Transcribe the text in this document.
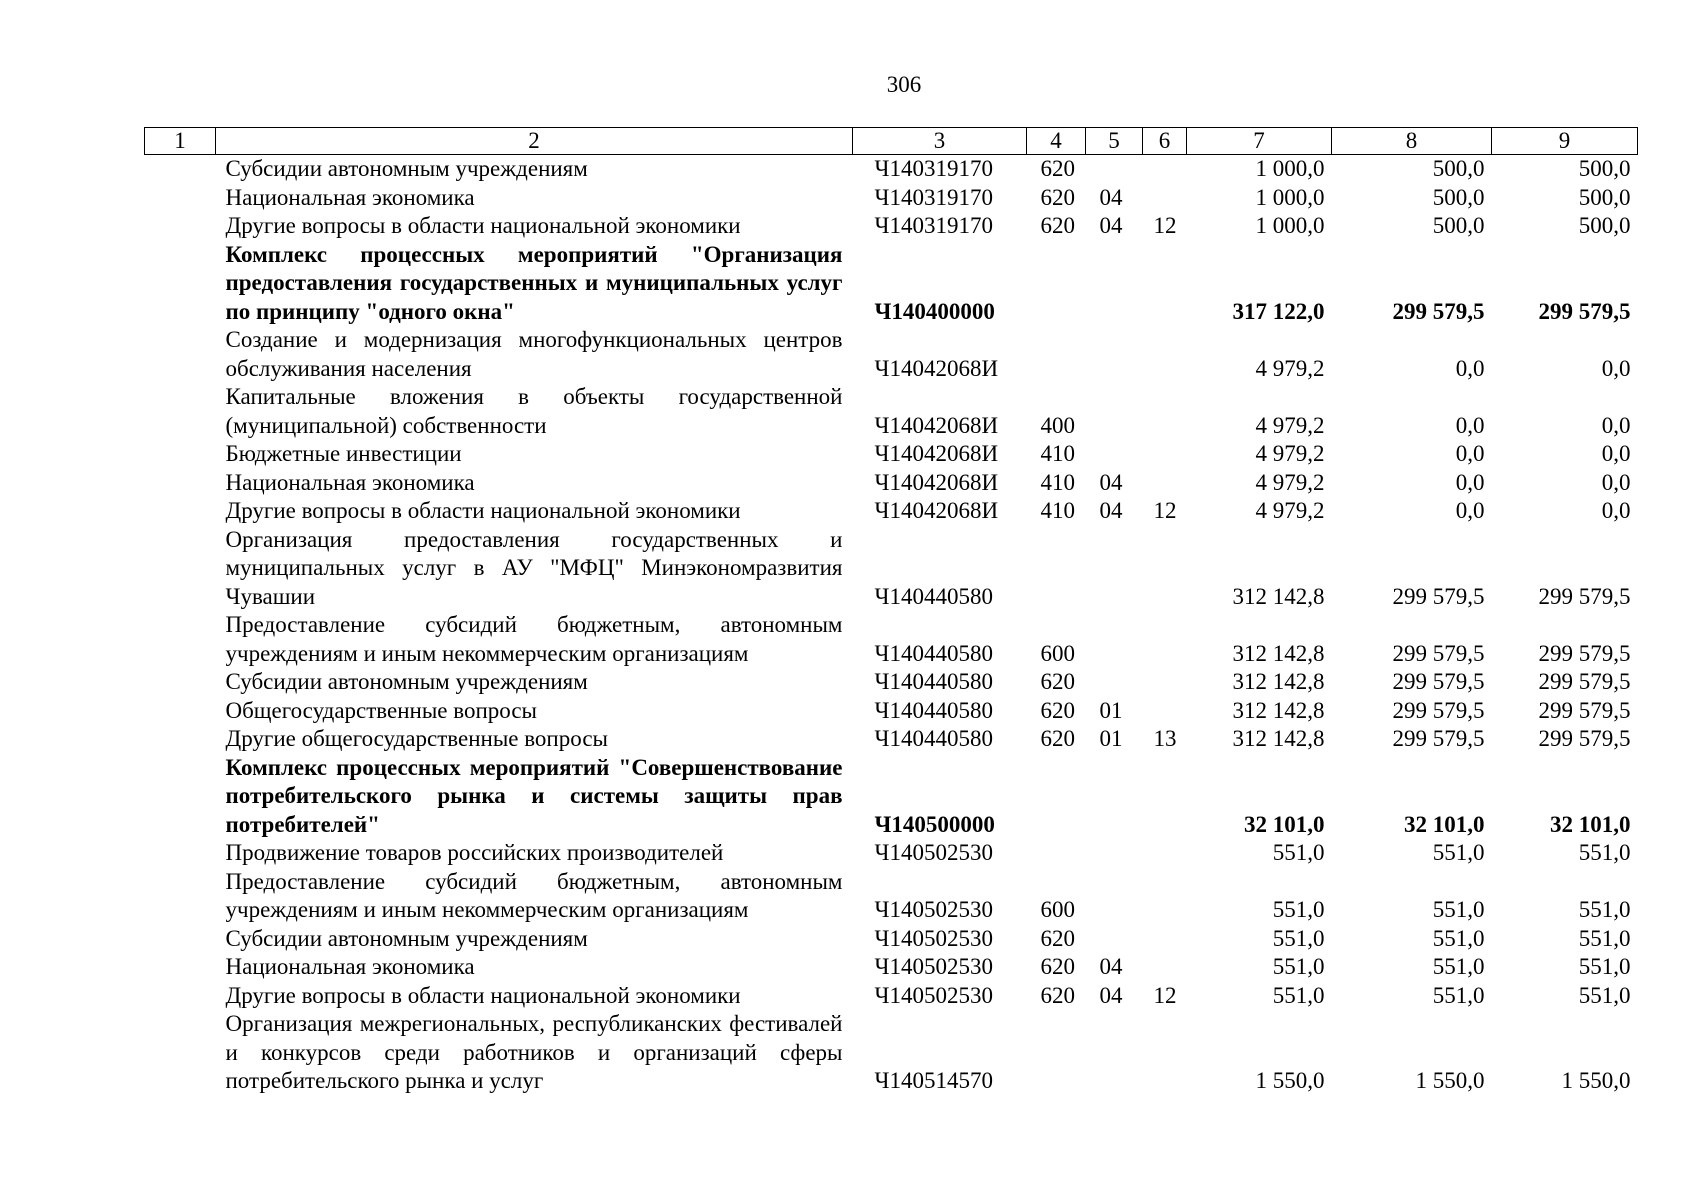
306
1	2	3	4	5	6	7	8	9
	Субсидии автономным учреждениям	Ч140319170	620			1 000,0	500,0	500,0
	Национальная экономика	Ч140319170	620	04		1 000,0	500,0	500,0
	Другие вопросы в области национальной экономики	Ч140319170	620	04	12	1 000,0	500,0	500,0
	Комплекс процессных мероприятий "Организация предоставления государственных и муниципальных услуг по принципу "одного окна"	Ч140400000				317 122,0	299 579,5	299 579,5
	Создание и модернизация многофункциональных центров обслуживания населения	Ч14042068И				4 979,2	0,0	0,0
	Капитальные вложения в объекты государственной (муниципальной) собственности	Ч14042068И	400			4 979,2	0,0	0,0
	Бюджетные инвестиции	Ч14042068И	410			4 979,2	0,0	0,0
	Национальная экономика	Ч14042068И	410	04		4 979,2	0,0	0,0
	Другие вопросы в области национальной экономики	Ч14042068И	410	04	12	4 979,2	0,0	0,0
	Организация предоставления государственных и муниципальных услуг в АУ "МФЦ" Минэкономразвития Чувашии	Ч140440580				312 142,8	299 579,5	299 579,5
	Предоставление субсидий бюджетным, автономным учреждениям и иным некоммерческим организациям	Ч140440580	600			312 142,8	299 579,5	299 579,5
	Субсидии автономным учреждениям	Ч140440580	620			312 142,8	299 579,5	299 579,5
	Общегосударственные вопросы	Ч140440580	620	01		312 142,8	299 579,5	299 579,5
	Другие общегосударственные вопросы	Ч140440580	620	01	13	312 142,8	299 579,5	299 579,5
	Комплекс процессных мероприятий "Совершенствование потребительского рынка и системы защиты прав потребителей"	Ч140500000				32 101,0	32 101,0	32 101,0
	Продвижение товаров российских производителей	Ч140502530				551,0	551,0	551,0
	Предоставление субсидий бюджетным, автономным учреждениям и иным некоммерческим организациям	Ч140502530	600			551,0	551,0	551,0
	Субсидии автономным учреждениям	Ч140502530	620			551,0	551,0	551,0
	Национальная экономика	Ч140502530	620	04		551,0	551,0	551,0
	Другие вопросы в области национальной экономики	Ч140502530	620	04	12	551,0	551,0	551,0
	Организация межрегиональных, республиканских фестивалей и конкурсов среди работников и организаций сферы потребительского рынка и услуг	Ч140514570				1 550,0	1 550,0	1 550,0
